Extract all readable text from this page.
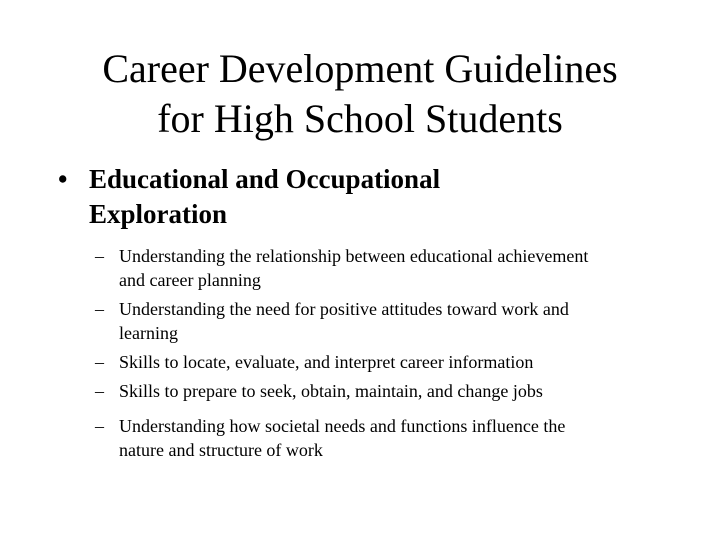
Career Development Guidelines
for High School Students
• Educational and Occupational
Exploration
– Understanding the relationship between educational achievement
and career planning
– Understanding the need for positive attitudes toward work and
learning
– Skills to locate, evaluate, and interpret career information
– Skills to prepare to seek, obtain, maintain, and change jobs
– Understanding how societal needs and functions influence the
nature and structure of work
